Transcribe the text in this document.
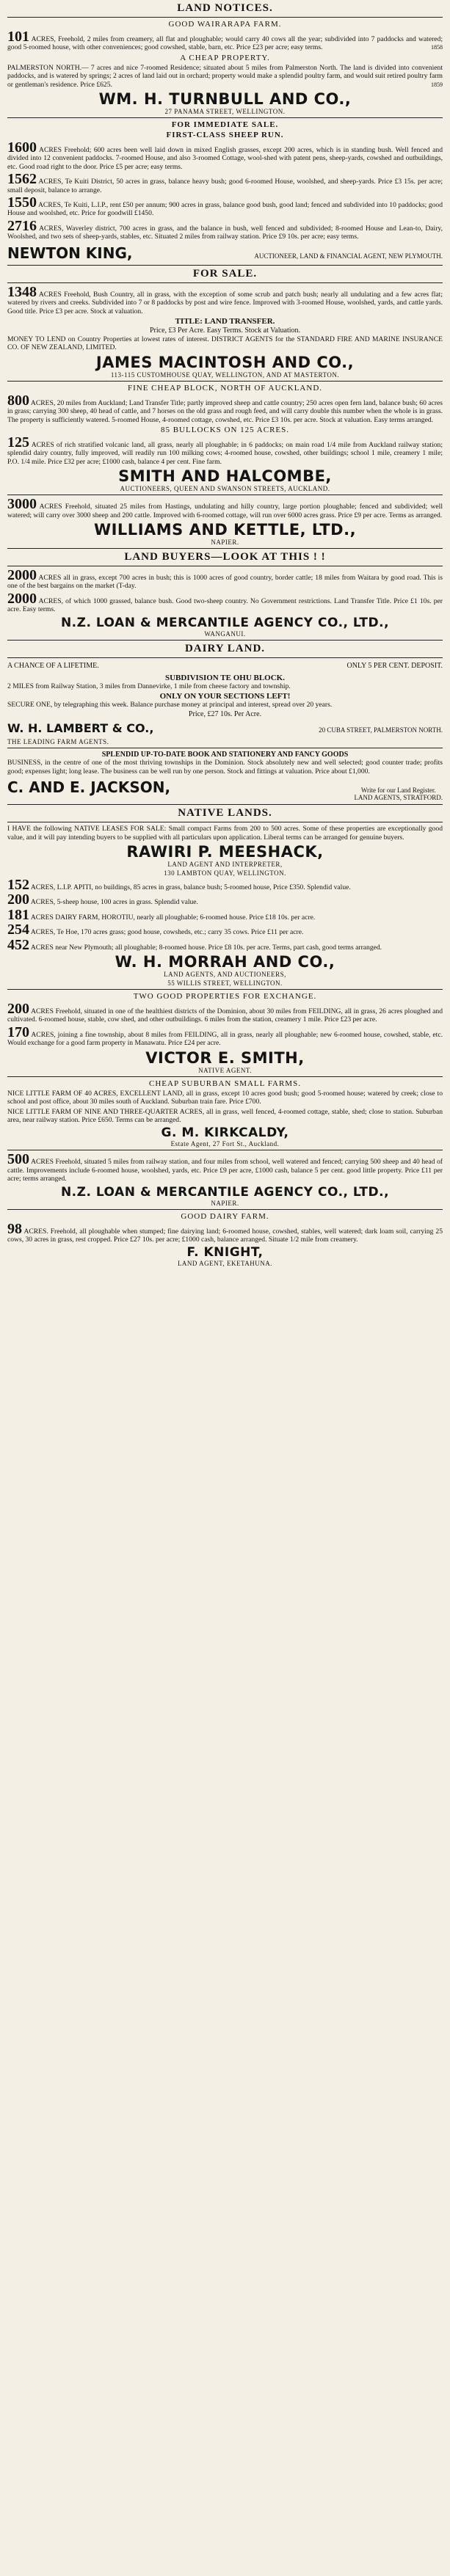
LAND NOTICES.
GOOD WAIRARAPA FARM.

101 ACRES, Freehold, 2 miles from creamery, all flat and ploughable; would carry 40 cows all the year; subdivided into 7 paddocks and watered; good 5-roomed house, with other conveniences; good cowshed, stable, barn, etc. Price £23 per acre; easy terms.	1858

A CHEAP PROPERTY.

PALMERSTON NORTH.— 7 acres and nice 7-roomed Residence; situated about 5 miles from Palmerston North. The land is divided into convenient paddocks, and is watered by springs; 2 acres of land laid out in orchard; property would make a splendid poultry farm, and would suit retired poultry farm or gentleman's residence. Price £625.	1859

WM. H. TURNBULL AND CO.,
27 PANAMA STREET, WELLINGTON.
FOR IMMEDIATE SALE.
FIRST-CLASS SHEEP RUN.

1600 ACRES Freehold; 600 acres been well laid down in mixed English grasses, except 200 acres, which is in standing bush. Well fenced and divided into 12 convenient paddocks. 7-roomed House, and also 3-roomed Cottage, wool-shed with patent pens, sheep-yards, cowshed and outbuildings, etc. Good road right to the door. Price £5 per acre; easy terms.

1562 ACRES, Te Kuiti District, 50 acres in grass, balance heavy bush; good 6-roomed House, woolshed, and sheep-yards. Price £3 15s. per acre; small deposit, balance to arrange.

1550 ACRES, Te Kuiti, L.I.P., rent £50 per annum; 900 acres in grass, balance good bush, good land; fenced and subdivided into 10 paddocks; good House and woolshed, etc. Price for goodwill £1450.

2716 ACRES, Waverley district, 700 acres in grass, and the balance in bush, well fenced and subdivided; 8-roomed House and Lean-to, Dairy, Woolshed, and two sets of sheep-yards, stables, etc. Situated 2 miles from railway station. Price £9 10s. per acre; easy terms.

NEWTON KING,	AUCTIONEER, LAND & FINANCIAL AGENT, NEW PLYMOUTH.
FOR SALE.

1348 ACRES Freehold, Bush Country, all in grass, with the exception of some scrub and patch bush; nearly all undulating and a few acres flat; watered by rivers and creeks. Subdivided into 7 or 8 paddocks by post and wire fence. Improved with 3-roomed House, woolshed, yards, and cattle yards. Good title. Price £3 per acre. Stock at valuation.

TITLE: LAND TRANSFER.
Price, £3 Per Acre. Easy Terms. Stock at Valuation.

MONEY TO LEND on Country Properties at lowest rates of interest. DISTRICT AGENTS for the STANDARD FIRE AND MARINE INSURANCE CO. OF NEW ZEALAND, LIMITED.

JAMES MACINTOSH AND CO.,
113-115 CUSTOMHOUSE QUAY, WELLINGTON, AND AT MASTERTON.
FINE CHEAP BLOCK, NORTH OF AUCKLAND.

800 ACRES, 20 miles from Auckland; Land Transfer Title; partly improved sheep and cattle country; 250 acres open fern land, balance bush; 60 acres in grass; carrying 300 sheep, 40 head of cattle, and 7 horses on the old grass and rough feed, and will carry double this number when the whole is in grass. The property is sufficiently watered. 5-roomed House, 4-roomed cottage, cowshed, etc. Price £3 10s. per acre. Stock at valuation. Easy terms arranged.

85 BULLOCKS ON 125 ACRES.

125 ACRES of rich stratified volcanic land, all grass, nearly all ploughable; in 6 paddocks; on main road 1/4 mile from Auckland railway station; splendid dairy country, fully improved, will readily run 100 milking cows; 4-roomed house, cowshed, other buildings; school 1 mile, creamery 1 mile; P.O. 1/4 mile. Price £32 per acre; £1000 cash, balance 4 per cent. Fine farm.

SMITH AND HALCOMBE,
AUCTIONEERS, QUEEN AND SWANSON STREETS, AUCKLAND.

3000 ACRES Freehold, situated 25 miles from Hastings, undulating and hilly country, large portion ploughable; fenced and subdivided; well watered; will carry over 3000 sheep and 200 cattle. Improved with 6-roomed cottage, will run over 6000 acres grass. Price £9 per acre. Terms as arranged.

WILLIAMS AND KETTLE, LTD.,
NAPIER.
LAND BUYERS—LOOK AT THIS ! !

2000 ACRES all in grass, except 700 acres in bush; this is 1000 acres of good country, border cattle; 18 miles from Waitara by good road. This is one of the best bargains on the market (T-day.

2000 ACRES, of which 1000 grassed, balance bush. Good two-sheep country. No Government restrictions. Land Transfer Title. Price £1 10s. per acre. Easy terms.

N.Z. LOAN & MERCANTILE AGENCY CO., LTD.,
WANGANUI.
DAIRY LAND.
A CHANCE OF A LIFETIME.	ONLY 5 PER CENT. DEPOSIT.
SUBDIVISION TE OHU BLOCK.

2 MILES from Railway Station, 3 miles from Dannevirke, 1 mile from cheese factory and township.

ONLY ON YOUR SECTIONS LEFT!

SECURE ONE, by telegraphing this week. Balance purchase money at principal and interest, spread over 20 years.

Price, £27 10s. Per Acre.
W. H. LAMBERT & CO.,	20 CUBA STREET, PALMERSTON NORTH.
THE LEADING FARM AGENTS.
SPLENDID UP-TO-DATE BOOK AND STATIONERY AND FANCY GOODS

BUSINESS, in the centre of one of the most thriving townships in the Dominion. Stock absolutely new and well selected; good counter trade; profits good; expenses light; long lease. The business can be well run by one person. Stock and fittings at valuation. Price about £1,000.

C. AND E. JACKSON,	Write for our Land Register.
LAND AGENTS, STRATFORD.
NATIVE LANDS.

I HAVE the following NATIVE LEASES FOR SALE: Small compact Farms from 200 to 500 acres. Some of these properties are exceptionally good value, and it will pay intending buyers to be supplied with all particulars upon application. Liberal terms can be arranged for genuine buyers.

RAWIRI P. MEESHACK,
LAND AGENT AND INTERPRETER,
130 LAMBTON QUAY, WELLINGTON.

152 ACRES, L.I.P. APITI, no buildings, 85 acres in grass, balance bush; 5-roomed house, Price £350. Splendid value.

200 ACRES, 5-sheep house, 100 acres in grass. Splendid value.

181 ACRES DAIRY FARM, HOROTIU, nearly all ploughable; 6-roomed house. Price £18 10s. per acre.

254 ACRES, Te Hoe, 170 acres grass; good house, cowsheds, etc.; carry 35 cows. Price £11 per acre.

452 ACRES near New Plymouth; all ploughable; 8-roomed house. Price £8 10s. per acre. Terms, part cash, good terms arranged.

W. H. MORRAH AND CO.,
LAND AGENTS, AND AUCTIONEERS,
55 WILLIS STREET, WELLINGTON.
TWO GOOD PROPERTIES FOR EXCHANGE.

200 ACRES Freehold, situated in one of the healthiest districts of the Dominion, about 30 miles from FEILDING, all in grass, 26 acres ploughed and cultivated. 6-roomed house, stable, cow shed, and other outbuildings. 6 miles from the station, creamery 1 mile. Price £23 per acre.

170 ACRES, joining a fine township, about 8 miles from FEILDING, all in grass, nearly all ploughable; new 6-roomed house, cowshed, stable, etc. Would exchange for a good farm property in Manawatu. Price £24 per acre.

VICTOR E. SMITH,
NATIVE AGENT.
CHEAP SUBURBAN SMALL FARMS.

NICE LITTLE FARM OF 40 ACRES, EXCELLENT LAND, all in grass, except 10 acres good bush; good 5-roomed house; watered by creek; close to school and post office, about 30 miles south of Auckland. Suburban train fare. Price £700.

NICE LITTLE FARM OF NINE AND THREE-QUARTER ACRES, all in grass, well fenced, 4-roomed cottage, stable, shed; close to station. Suburban area, near railway station. Price £650. Terms can be arranged.

G. M. KIRKCALDY,
Estate Agent, 27 Fort St., Auckland.

500 ACRES Freehold, situated 5 miles from railway station, and four miles from school, well watered and fenced; carrying 500 sheep and 40 head of cattle. Improvements include 6-roomed house, woolshed, yards, etc. Price £9 per acre, £1000 cash, balance 5 per cent. good little property. Price £11 per acre; terms arranged.

N.Z. LOAN & MERCANTILE AGENCY CO., LTD.,
NAPIER.
GOOD DAIRY FARM.

98 ACRES. Freehold, all ploughable when stumped; fine dairying land; 6-roomed house, cowshed, stables, well watered; dark loam soil, carrying 25 cows, 30 acres in grass, rest cropped. Price £27 10s. per acre; £1000 cash, balance arranged. Situate 1/2 mile from creamery.

F. KNIGHT,
LAND AGENT, EKETAHUNA.
